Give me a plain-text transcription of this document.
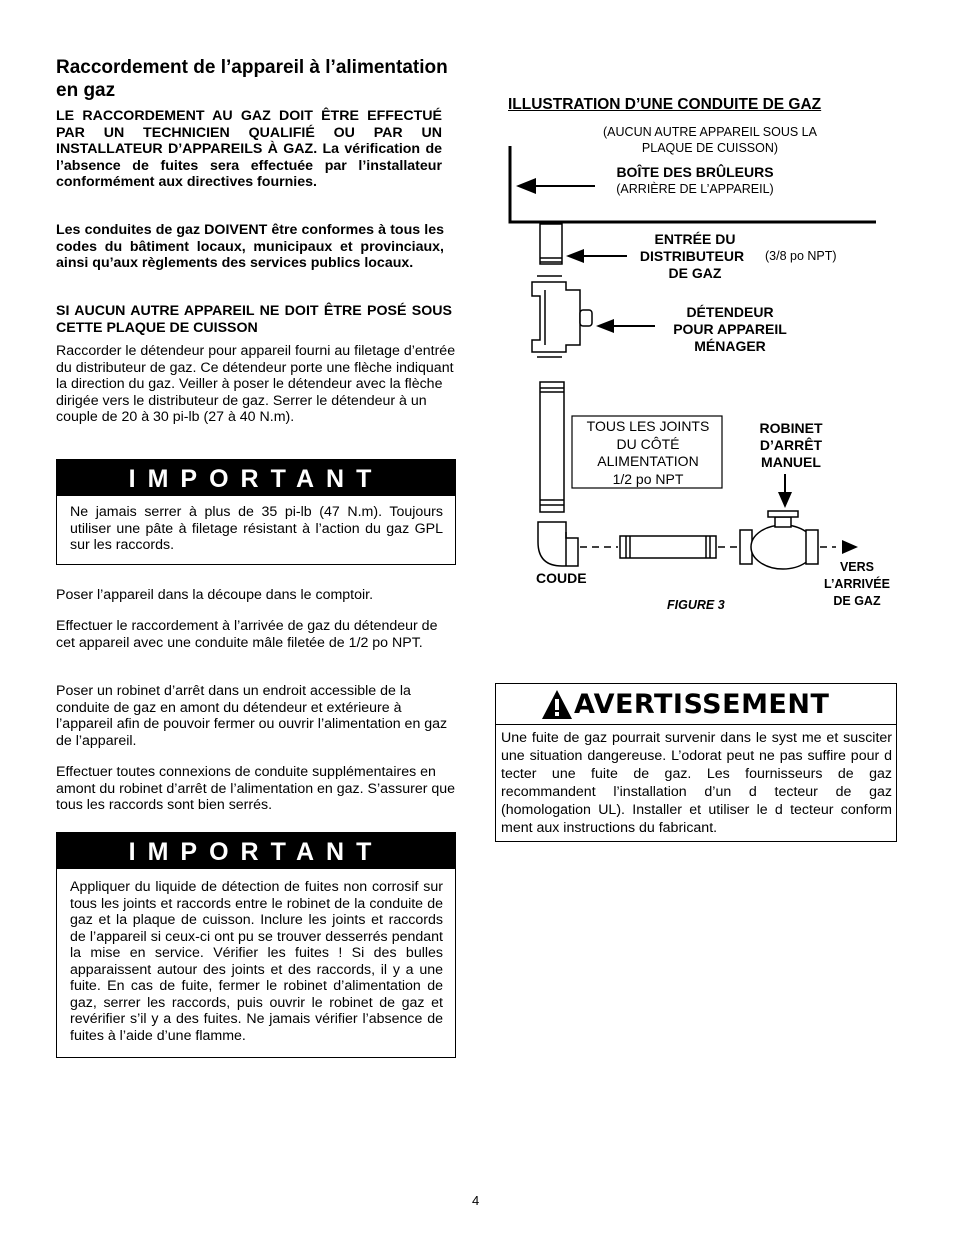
Raccordement de l’appareil à l’alimentation en gaz

LE RACCORDEMENT AU GAZ DOIT ÊTRE EFFECTUÉ PAR UN TECHNICIEN QUALIFIÉ OU PAR UN INSTALLATEUR D’APPAREILS À GAZ. La vérification de l’absence de fuites sera effectuée par l’installateur conformément aux directives fournies.

Les conduites de gaz DOIVENT être conformes à tous les codes du bâtiment locaux, municipaux et provinciaux, ainsi qu’aux règlements des services publics locaux.

SI AUCUN AUTRE APPAREIL NE DOIT ÊTRE POSÉ SOUS CETTE PLAQUE DE CUISSON

Raccorder le détendeur pour appareil fourni au filetage d’entrée du distributeur de gaz. Ce détendeur porte une flèche indiquant la direction du gaz. Veiller à poser le détendeur avec la flèche dirigée vers le distributeur de gaz. Serrer le détendeur à un couple de 20 à 30 pi-lb (27 à 40 N.m).

IMPORTANT
Ne jamais serrer à plus de 35 pi-lb (47 N.m). Toujours utiliser une pâte à filetage résistant à l’action du gaz GPL sur les raccords.

Poser l’appareil dans la découpe dans le comptoir.

Effectuer le raccordement à l’arrivée de gaz du détendeur de cet appareil avec une conduite mâle filetée de 1/2 po NPT.

Poser un robinet d’arrêt dans un endroit accessible de la conduite de gaz en amont du détendeur et extérieure à l’appareil afin de pouvoir fermer ou ouvrir l’alimentation en gaz de l’appareil.

Effectuer toutes connexions de conduite supplémentaires en amont du robinet d’arrêt de l’alimentation en gaz. S’assurer que tous les raccords sont bien serrés.

IMPORTANT
Appliquer du liquide de détection de fuites non corrosif sur tous les joints et raccords entre le robinet de la conduite de gaz et la plaque de cuisson. Inclure les joints et raccords de l’appareil si ceux-ci ont pu se trouver desserrés pendant la mise en service. Vérifier les fuites ! Si des bulles apparaissent autour des joints et des raccords, il y a une fuite. En cas de fuite, fermer le robinet d’alimentation de gaz, serrer les raccords, puis ouvrir le robinet de gaz et revérifier s’il y a des fuites. Ne jamais vérifier l’absence de fuites à l’aide d’une flamme.
ILLUSTRATION D’UNE CONDUITE DE GAZ
(AUCUN AUTRE APPAREIL SOUS LA
PLAQUE DE CUISSON)
BOÎTE DES BRÛLEURS
(ARRIÈRE DE L’APPAREIL)
ENTRÉE DU
DISTRIBUTEUR
DE GAZ
(3/8 po NPT)
DÉTENDEUR
POUR APPAREIL
MÉNAGER
TOUS LES JOINTS
DU CÔTÉ
ALIMENTATION
1/2 po NPT
ROBINET
D’ARRÊT
MANUEL
COUDE
VERS
L’ARRIVÉE
DE GAZ
FIGURE 3
AVERTISSEMENT
Une fuite de gaz pourrait survenir dans le syst me et susciter une situation dangereuse. L’odorat peut ne pas suffire pour d tecter une fuite de gaz. Les fournisseurs de gaz recommandent l’installation d’un d tecteur de gaz (homologation UL). Installer et utiliser le d tecteur conform ment aux instructions du fabricant.
4
